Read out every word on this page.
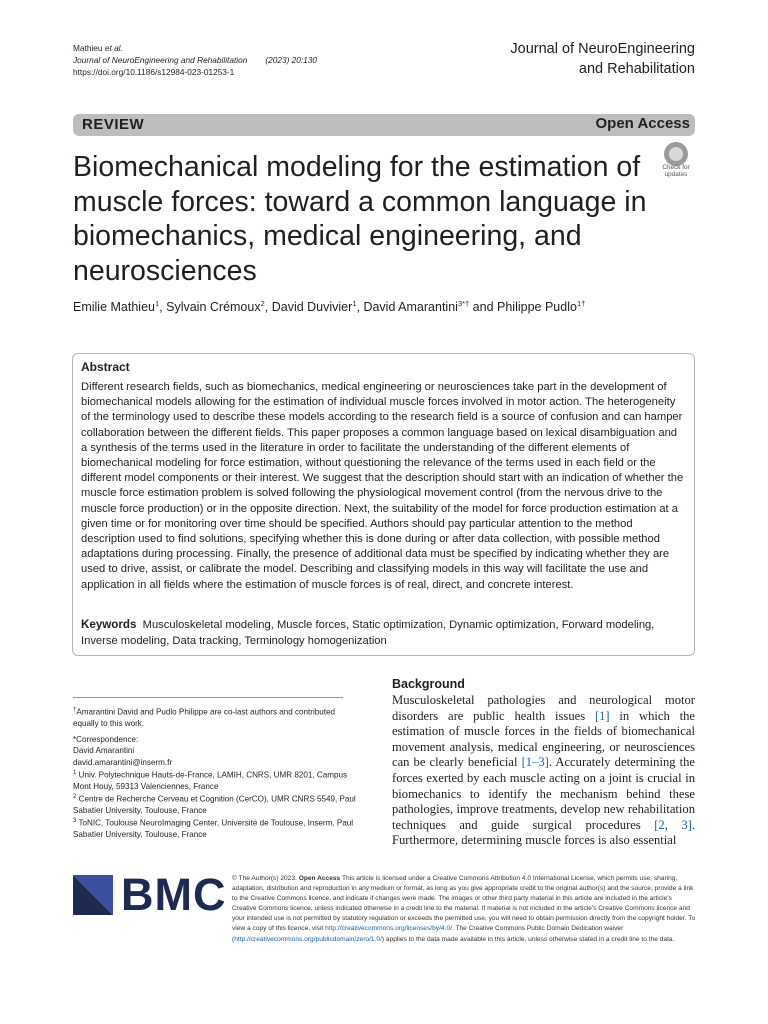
Mathieu et al.
Journal of NeuroEngineering and Rehabilitation (2023) 20:130
https://doi.org/10.1186/s12984-023-01253-1
Journal of NeuroEngineering
and Rehabilitation
REVIEW	Open Access
Biomechanical modeling for the estimation of muscle forces: toward a common language in biomechanics, medical engineering, and neurosciences
Check for
updates
Emilie Mathieu$^1$, Sylvain Crémoux$^2$, David Duvivier$^1$, David Amarantini$^{3*\dagger}$ and Philippe Pudlo$^{1\dagger}$
Abstract
Different research fields, such as biomechanics, medical engineering or neurosciences take part in the development of biomechanical models allowing for the estimation of individual muscle forces involved in motor action. The heterogeneity of the terminology used to describe these models according to the research field is a source of confusion and can hamper collaboration between the different fields. This paper proposes a common language based on lexical disambiguation and a synthesis of the terms used in the literature in order to facilitate the understanding of the different elements of biomechanical modeling for force estimation, without questioning the relevance of the terms used in each field or the different model components or their interest. We suggest that the description should start with an indication of whether the muscle force estimation problem is solved following the physiological movement control (from the nervous drive to the muscle force production) or in the opposite direction. Next, the suitability of the model for force production estimation at a given time or for monitoring over time should be specified. Authors should pay particular attention to the method description used to find solutions, specifying whether this is done during or after data collection, with possible method adaptations during processing. Finally, the presence of additional data must be specified by indicating whether they are used to drive, assist, or calibrate the model. Describing and classifying models in this way will facilitate the use and application in all fields where the estimation of muscle forces is of real, direct, and concrete interest.
Keywords Musculoskeletal modeling, Muscle forces, Static optimization, Dynamic optimization, Forward modeling, Inverse modeling, Data tracking, Terminology homogenization

†Amarantini David and Pudlo Philippe are co-last authors and contributed equally to this work.

*Correspondence:
David Amarantini
david.amarantini@inserm.fr
$^1$ Univ. Polytechnique Hauts-de-France, LAMIH, CNRS, UMR 8201, Campus Mont Houy, 59313 Valenciennes, France
$^2$ Centre de Recherche Cerveau et Cognition (CerCO), UMR CNRS 5549, Paul Sabatier University, Toulouse, France
$^3$ ToNIC, Toulouse NeuroImaging Center, Université de Toulouse, Inserm, Paul Sabatier University, Toulouse, France
Background
Musculoskeletal pathologies and neurological motor disorders are public health issues [1] in which the estimation of muscle forces in the fields of biomechanical movement analysis, medical engineering, or neurosciences can be clearly beneficial [1–3]. Accurately determining the forces exerted by each muscle acting on a joint is crucial in biomechanics to identify the mechanism behind these pathologies, improve treatments, develop new rehabilitation techniques and guide surgical procedures [2, 3]. Furthermore, determining muscle forces is also essential
BMC © The Author(s) 2023. Open Access This article is licensed under a Creative Commons Attribution 4.0 International License, which permits use, sharing, adaptation, distribution and reproduction in any medium or format, as long as you give appropriate credit to the original author(s) and the source, provide a link to the Creative Commons licence, and indicate if changes were made. The images or other third party material in this article are included in the article's Creative Commons licence, unless indicated otherwise in a credit line to the material. If material is not included in the article's Creative Commons licence and your intended use is not permitted by statutory regulation or exceeds the permitted use, you will need to obtain permission directly from the copyright holder. To view a copy of this licence, visit http://creativecommons.org/licenses/by/4.0/. The Creative Commons Public Domain Dedication waiver (http://creativecommons.org/publicdomain/zero/1.0/) applies to the data made available in this article, unless otherwise stated in a credit line to the data.
